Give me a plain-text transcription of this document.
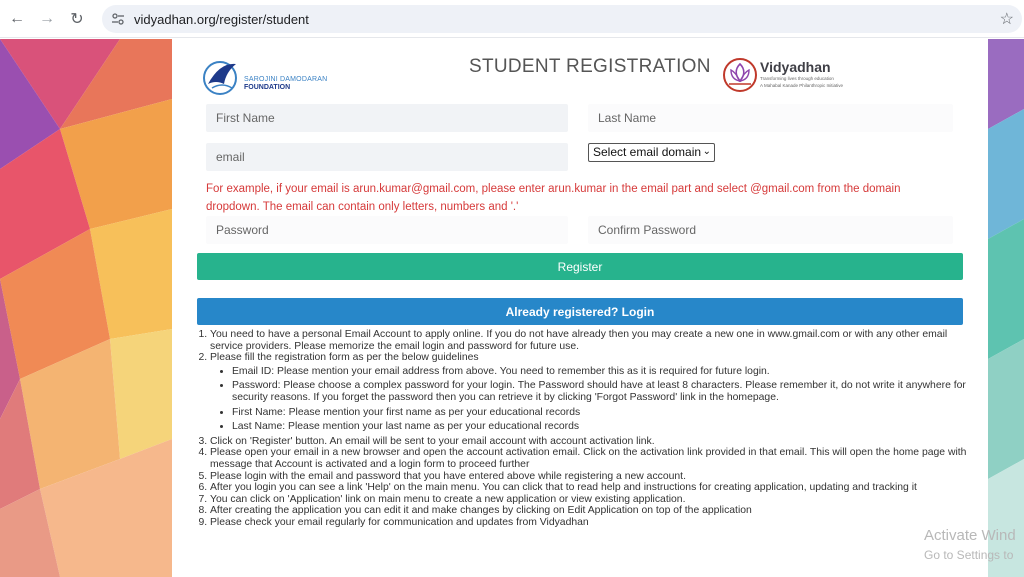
← → ↻	vidyadhan.org/register/student	☆
SAROJINI DAMODARAN
FOUNDATION
STUDENT REGISTRATION	Vidyadhan
Transforming lives through education
A Mahabal Kanade Philanthropic Initiative
First Name	Last Name
email	Select email domain ⌄
For example, if your email is arun.kumar@gmail.com, please enter arun.kumar in the email part and select @gmail.com from the domain dropdown. The email can contain only letters, numbers and '.'
Password	Confirm Password
Register
Already registered? Login
1. You need to have a personal Email Account to apply online. If you do not have already then you may create a new one in www.gmail.com or with any other email service providers. Please memorize the email login and password for future use.
2. Please fill the registration form as per the below guidelines
• Email ID: Please mention your email address from above. You need to remember this as it is required for future login.
• Password: Please choose a complex password for your login. The Password should have at least 8 characters. Please remember it, do not write it anywhere for security reasons. If you forget the password then you can retrieve it by clicking 'Forgot Password' link in the homepage.
• First Name: Please mention your first name as per your educational records
• Last Name: Please mention your last name as per your educational records
3. Click on 'Register' button. An email will be sent to your email account with account activation link.
4. Please open your email in a new browser and open the account activation email. Click on the activation link provided in that email. This will open the home page with message that Account is activated and a login form to proceed further
5. Please login with the email and password that you have entered above while registering a new account.
6. After you login you can see a link 'Help' on the main menu. You can click that to read help and instructions for creating application, updating and tracking it
7. You can click on 'Application' link on main menu to create a new application or view existing application.
8. After creating the application you can edit it and make changes by clicking on Edit Application on top of the application
9. Please check your email regularly for communication and updates from Vidyadhan
Activate Wind
Go to Settings to
